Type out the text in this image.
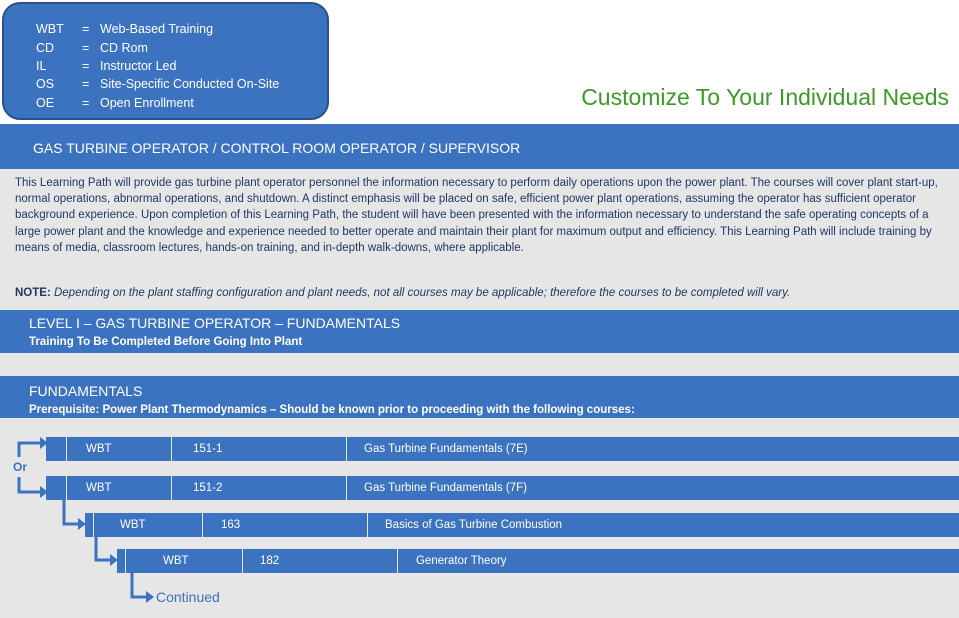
WBT = Web-Based Training
CD = CD Rom
IL	= Instructor Led
OS = Site-Specific Conducted On-Site
OE = Open Enrollment	Customize To Your Individual Needs
GAS TURBINE OPERATOR / CONTROL ROOM OPERATOR / SUPERVISOR

This Learning Path will provide gas turbine plant operator personnel the information necessary to perform daily operations upon the power plant. The courses will cover plant start-up, normal operations, abnormal operations, and shutdown. A distinct emphasis will be placed on safe, efficient power plant operations, assuming the operator has sufficient operator background experience. Upon completion of this Learning Path, the student will have been presented with the information necessary to understand the safe operating concepts of a large power plant and the knowledge and experience needed to better operate and maintain their plant for maximum output and efficiency. This Learning Path will include training by means of media, classroom lectures, hands-on training, and in-depth walk-downs, where applicable.

NOTE: Depending on the plant staffing configuration and plant needs, not all courses may be applicable; therefore the courses to be completed will vary.
LEVEL I – GAS TURBINE OPERATOR – FUNDAMENTALS
Training To Be Completed Before Going Into Plant
FUNDAMENTALS
Prerequisite: Power Plant Thermodynamics – Should be known prior to proceeding with the following courses:
WBT	151-1	Gas Turbine Fundamentals (7E)
WBT	151-2	Gas Turbine Fundamentals (7F)
WBT	163	Basics of Gas Turbine Combustion
WBT	182	Generator Theory
Or
Continued
